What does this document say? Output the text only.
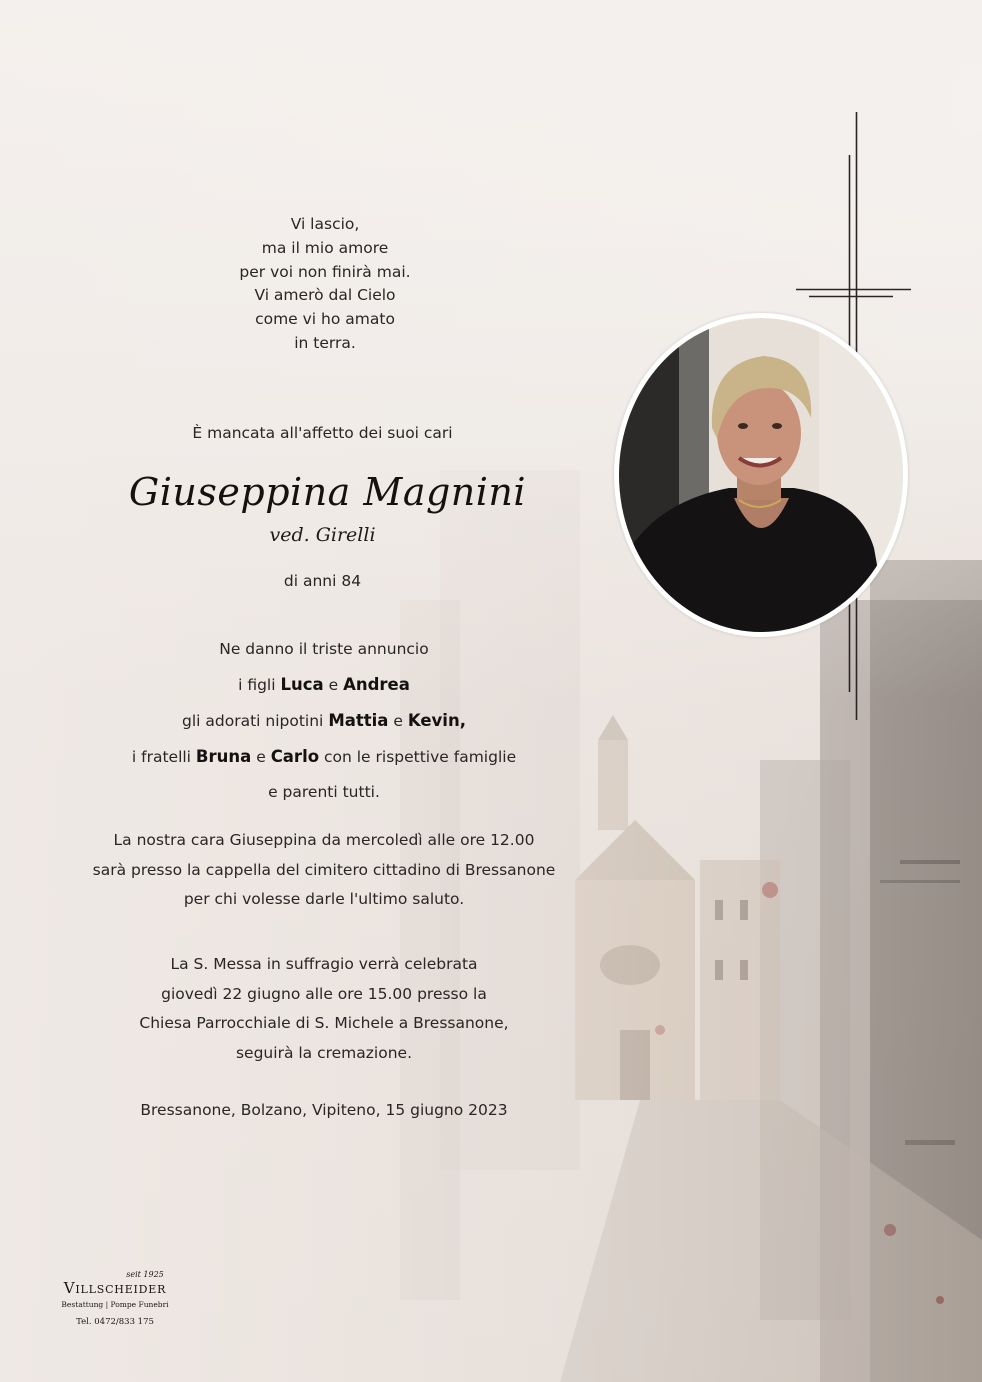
Vi lascio,
ma il mio amore
per voi non finirà mai.
Vi amerò dal Cielo
come vi ho amato
in terra.
È mancata all'affetto dei suoi cari
Giuseppina Magnini
ved. Girelli
di anni 84
Ne danno il triste annuncio
i figli Luca e Andrea
gli adorati nipotini Mattia e Kevin,
i fratelli Bruna e Carlo con le rispettive famiglie
e parenti tutti.
La nostra cara Giuseppina da mercoledì alle ore 12.00
sarà presso la cappella del cimitero cittadino di Bressanone
per chi volesse darle l'ultimo saluto.
La S. Messa in suffragio verrà celebrata
giovedì 22 giugno alle ore 15.00 presso la
Chiesa Parrocchiale di S. Michele a Bressanone,
seguirà la cremazione.
Bressanone, Bolzano, Vipiteno, 15 giugno 2023
seit 1925
Villscheider
Bestattung | Pompe Funebri
Tel. 0472/833 175
